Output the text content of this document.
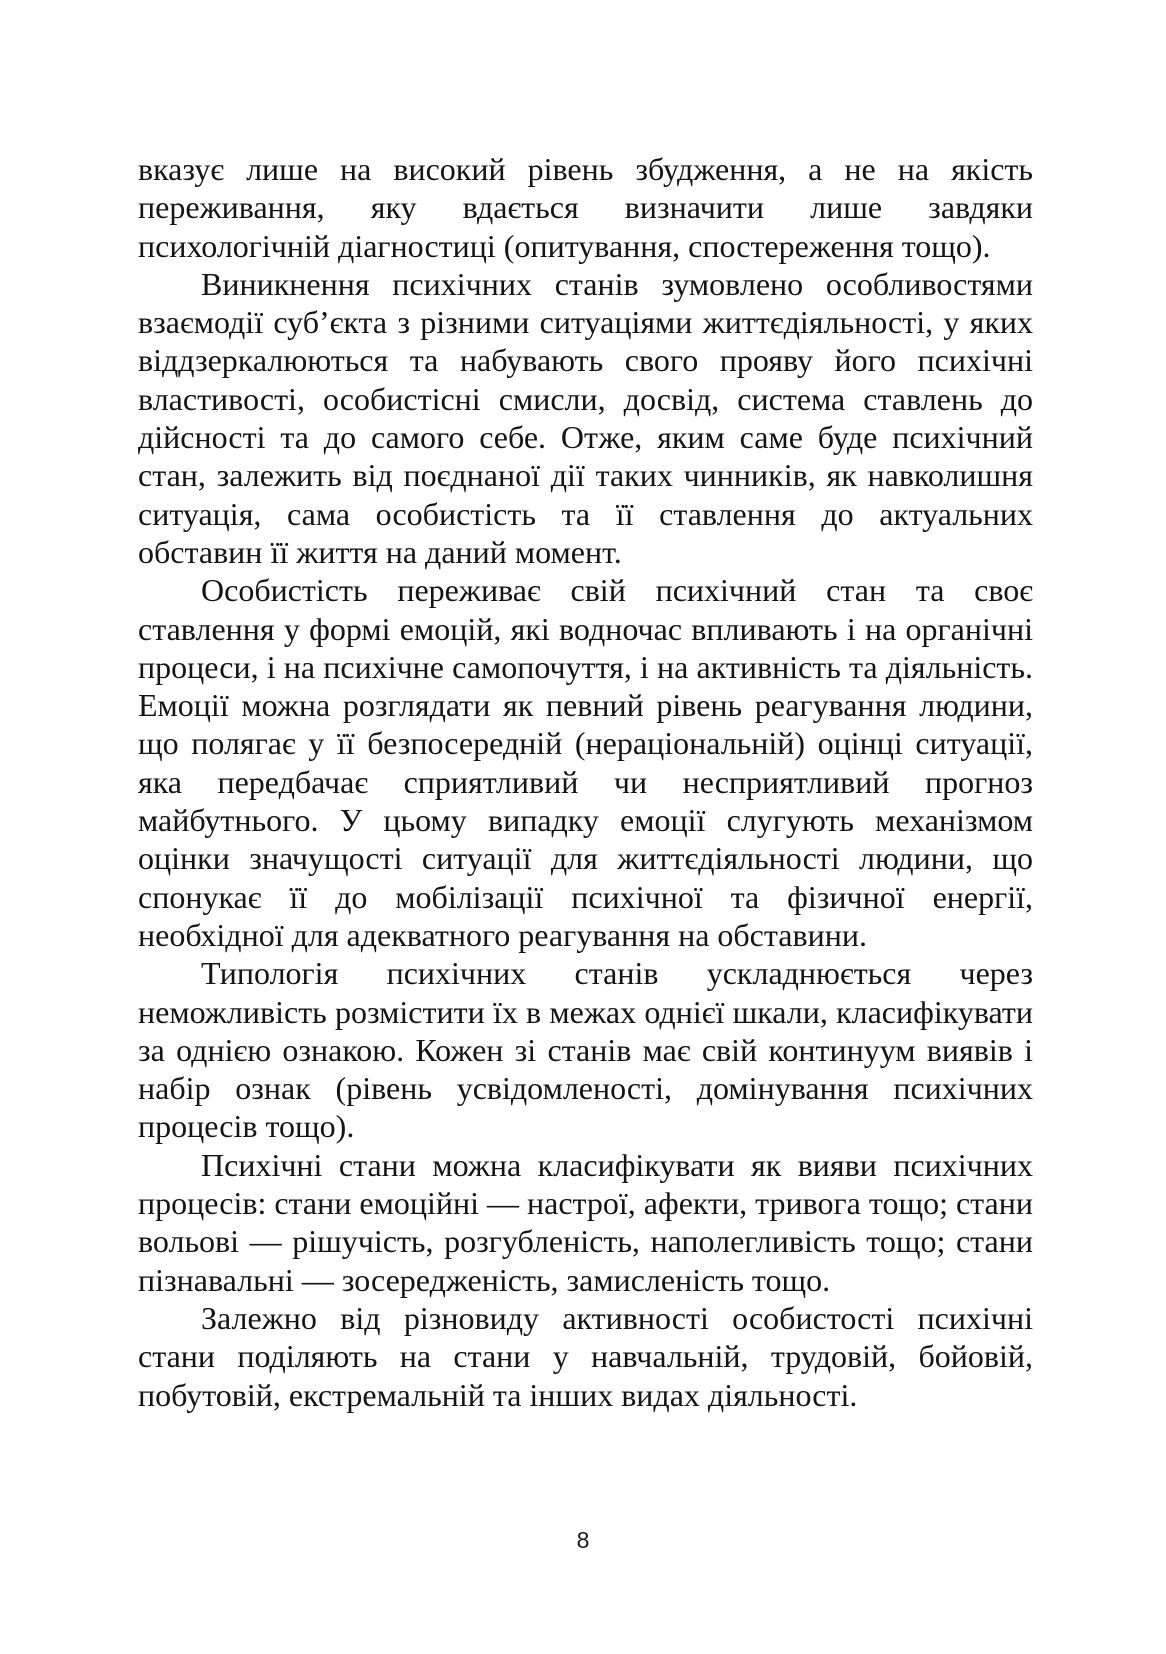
вказує лише на високий рівень збудження, а не на якість переживання, яку вдається визначити лише завдяки психологічній діагностиці (опитування, спостереження тощо).

Виникнення психічних станів зумовлено особливостями взаємодії суб’єкта з різними ситуаціями життєдіяльності, у яких віддзеркалюються та набувають свого прояву його психічні властивості, особистісні смисли, досвід, система ставлень до дійсності та до самого себе. Отже, яким саме буде психічний стан, залежить від поєднаної дії таких чинників, як навколишня ситуація, сама особистість та її ставлення до актуальних обставин її життя на даний момент.

Особистість переживає свій психічний стан та своє ставлення у формі емоцій, які водночас впливають і на органічні процеси, і на психічне самопочуття, і на активність та діяльність. Емоції можна розглядати як певний рівень реагування людини, що полягає у її безпосередній (нераціональній) оцінці ситуації, яка передбачає сприятливий чи несприятливий прогноз майбутнього. У цьому випадку емоції слугують механізмом оцінки значущості ситуації для життєдіяльності людини, що спонукає її до мобілізації психічної та фізичної енергії, необхідної для адекватного реагування на обставини.

Типологія психічних станів ускладнюється через неможливість розмістити їх в межах однієї шкали, класифікувати за однією ознакою. Кожен зі станів має свій континуум виявів і набір ознак (рівень усвідомленості, домінування психічних процесів тощо).

Психічні стани можна класифікувати як вияви психічних процесів: стани емоційні — настрої, афекти, тривога тощо; стани вольові — рішучість, розгубленість, наполегливість тощо; стани пізнавальні — зосередженість, замисленість тощо.

Залежно від різновиду активності особистості психічні стани поділяють на стани у навчальній, трудовій, бойовій, побутовій, екстремальній та інших видах діяльності.

8
